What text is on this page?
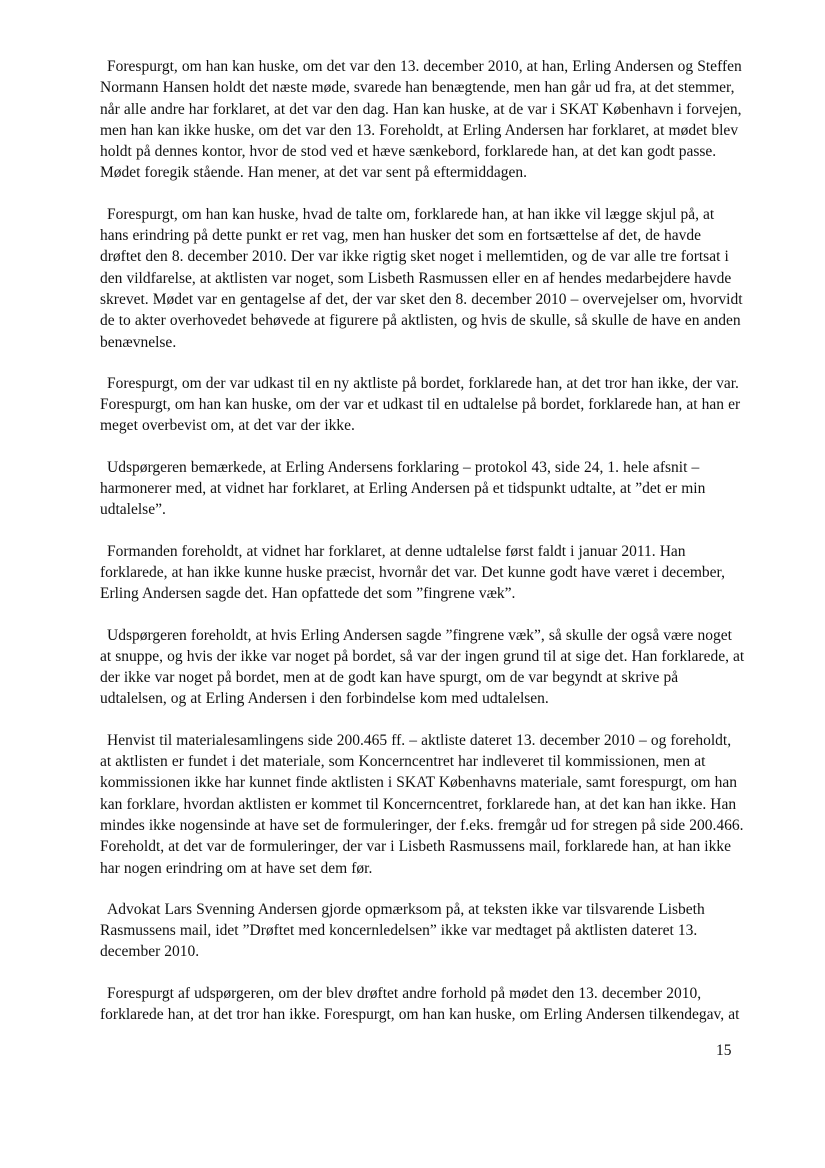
Forespurgt, om han kan huske, om det var den 13. december 2010, at han, Erling Andersen og Steffen Normann Hansen holdt det næste møde, svarede han benægtende, men han går ud fra, at det stemmer, når alle andre har forklaret, at det var den dag. Han kan huske, at de var i SKAT København i forvejen, men han kan ikke huske, om det var den 13. Foreholdt, at Erling Andersen har forklaret, at mødet blev holdt på dennes kontor, hvor de stod ved et hæve sænkebord, forklarede han, at det kan godt passe. Mødet foregik stående. Han mener, at det var sent på eftermiddagen.

Forespurgt, om han kan huske, hvad de talte om, forklarede han, at han ikke vil lægge skjul på, at hans erindring på dette punkt er ret vag, men han husker det som en fortsættelse af det, de havde drøftet den 8. december 2010. Der var ikke rigtig sket noget i mellemtiden, og de var alle tre fortsat i den vildfarelse, at aktlisten var noget, som Lisbeth Rasmussen eller en af hendes medarbejdere havde skrevet. Mødet var en gentagelse af det, der var sket den 8. december 2010 – overvejelser om, hvorvidt de to akter overhovedet behøvede at figurere på aktlisten, og hvis de skulle, så skulle de have en anden benævnelse.

Forespurgt, om der var udkast til en ny aktliste på bordet, forklarede han, at det tror han ikke, der var. Forespurgt, om han kan huske, om der var et udkast til en udtalelse på bordet, forklarede han, at han er meget overbevist om, at det var der ikke.

Udspørgeren bemærkede, at Erling Andersens forklaring – protokol 43, side 24, 1. hele afsnit – harmonerer med, at vidnet har forklaret, at Erling Andersen på et tidspunkt udtalte, at ”det er min udtalelse”.

Formanden foreholdt, at vidnet har forklaret, at denne udtalelse først faldt i januar 2011. Han forklarede, at han ikke kunne huske præcist, hvornår det var. Det kunne godt have været i december, Erling Andersen sagde det. Han opfattede det som ”fingrene væk”.

Udspørgeren foreholdt, at hvis Erling Andersen sagde ”fingrene væk”, så skulle der også være noget at snuppe, og hvis der ikke var noget på bordet, så var der ingen grund til at sige det. Han forklarede, at der ikke var noget på bordet, men at de godt kan have spurgt, om de var begyndt at skrive på udtalelsen, og at Erling Andersen i den forbindelse kom med udtalelsen.

Henvist til materialesamlingens side 200.465 ff. – aktliste dateret 13. december 2010 – og foreholdt, at aktlisten er fundet i det materiale, som Koncerncentret har indleveret til kommissionen, men at kommissionen ikke har kunnet finde aktlisten i SKAT Københavns materiale, samt forespurgt, om han kan forklare, hvordan aktlisten er kommet til Koncerncentret, forklarede han, at det kan han ikke. Han mindes ikke nogensinde at have set de formuleringer, der f.eks. fremgår ud for stregen på side 200.466. Foreholdt, at det var de formuleringer, der var i Lisbeth Rasmussens mail, forklarede han, at han ikke har nogen erindring om at have set dem før.

Advokat Lars Svenning Andersen gjorde opmærksom på, at teksten ikke var tilsvarende Lisbeth Rasmussens mail, idet ”Drøftet med koncernledelsen” ikke var medtaget på aktlisten dateret 13. december 2010.

Forespurgt af udspørgeren, om der blev drøftet andre forhold på mødet den 13. december 2010, forklarede han, at det tror han ikke. Forespurgt, om han kan huske, om Erling Andersen tilkendegav, at

15
